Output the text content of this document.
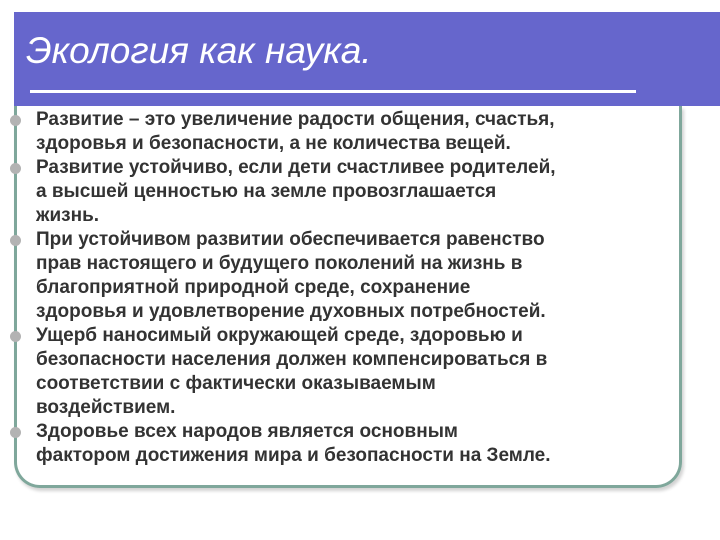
Экология как наука.
Развитие – это увеличение радости общения, счастья,
здоровья и безопасности, а не количества вещей.
Развитие устойчиво, если дети счастливее родителей,
а высшей ценностью на земле провозглашается
жизнь.
При устойчивом развитии обеспечивается равенство
прав настоящего и будущего поколений на жизнь в
благоприятной природной среде, сохранение
здоровья и удовлетворение духовных потребностей.
Ущерб наносимый окружающей среде, здоровью и
безопасности населения должен компенсироваться в
соответствии с фактически оказываемым
воздействием.
Здоровье всех народов является основным
фактором достижения мира и безопасности на Земле.
